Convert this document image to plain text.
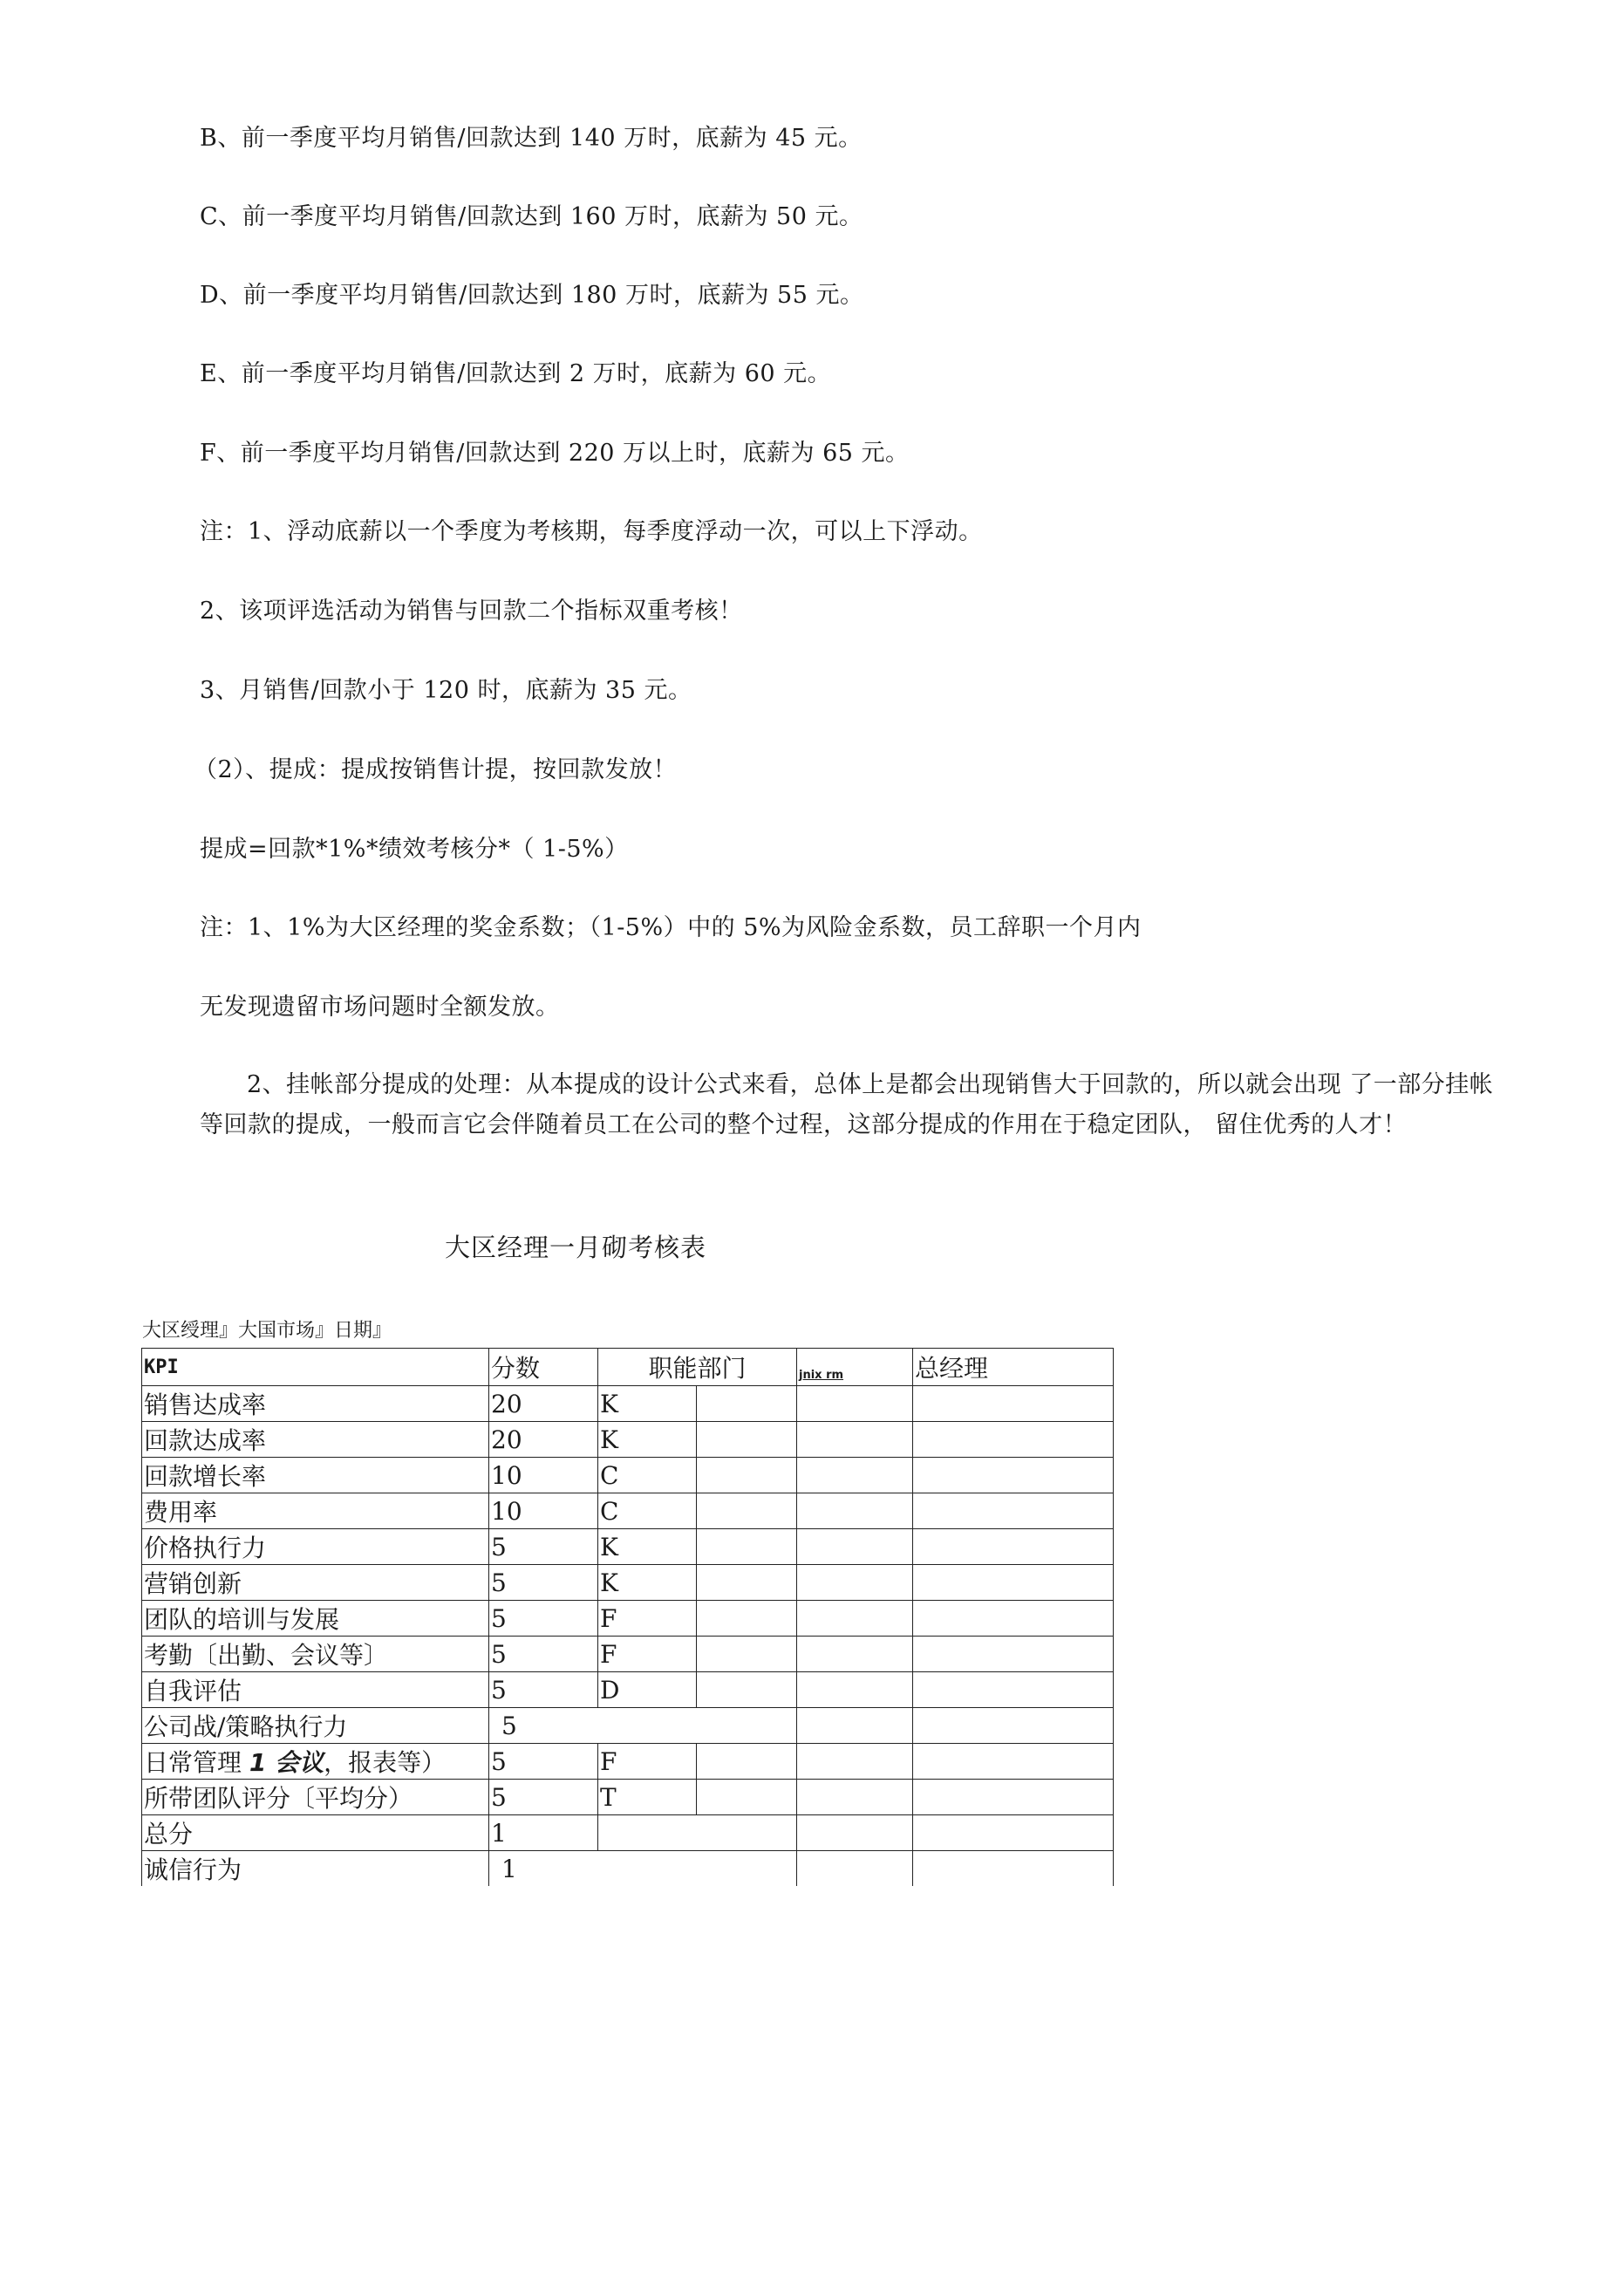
B、前一季度平均月销售/回款达到 140 万时，底薪为 45 元。
C、前一季度平均月销售/回款达到 160 万时，底薪为 50 元。
D、前一季度平均月销售/回款达到 180 万时，底薪为 55 元。
E、前一季度平均月销售/回款达到 2 万时，底薪为 60 元。
F、前一季度平均月销售/回款达到 220 万以上时，底薪为 65 元。
注：1、浮动底薪以一个季度为考核期，每季度浮动一次，可以上下浮动。
2、该项评选活动为销售与回款二个指标双重考核！
3、月销售/回款小于 120 时，底薪为 35 元。
（2）、提成：提成按销售计提，按回款发放！
提成=回款*1%*绩效考核分*（ 1-5%）
注：1、1%为大区经理的奖金系数；（1-5%）中的 5%为风险金系数，员工辞职一个月内
无发现遗留市场问题时全额发放。
2、挂帐部分提成的处理：从本提成的设计公式来看，总体上是都会出现销售大于回款的，所以就会出现 了一部分挂帐等回款的提成，一般而言它会伴随着员工在公司的整个过程，这部分提成的作用在于稳定团队， 留住优秀的人才！
大区经理一月砌考核表
大区绶理』大国市场』日期』
KPI	分数	职能部门		jnix rm	总经理
销售达成率	20	K			
回款达成率	20	K			
回款增长率	10	C			
费用率	10	C			
价格执行力	5	K			
营销创新	5	K			
团队的培训与发展	5	F			
考勤〔出勤、会议等〕	5	F			
自我评估	5	D			
公司战/策略执行力	5				
日常管理 1 会议，报表等）	5	F			
所带团队评分〔平均分）	5	T			
总分	1				
诚信行为	1				
